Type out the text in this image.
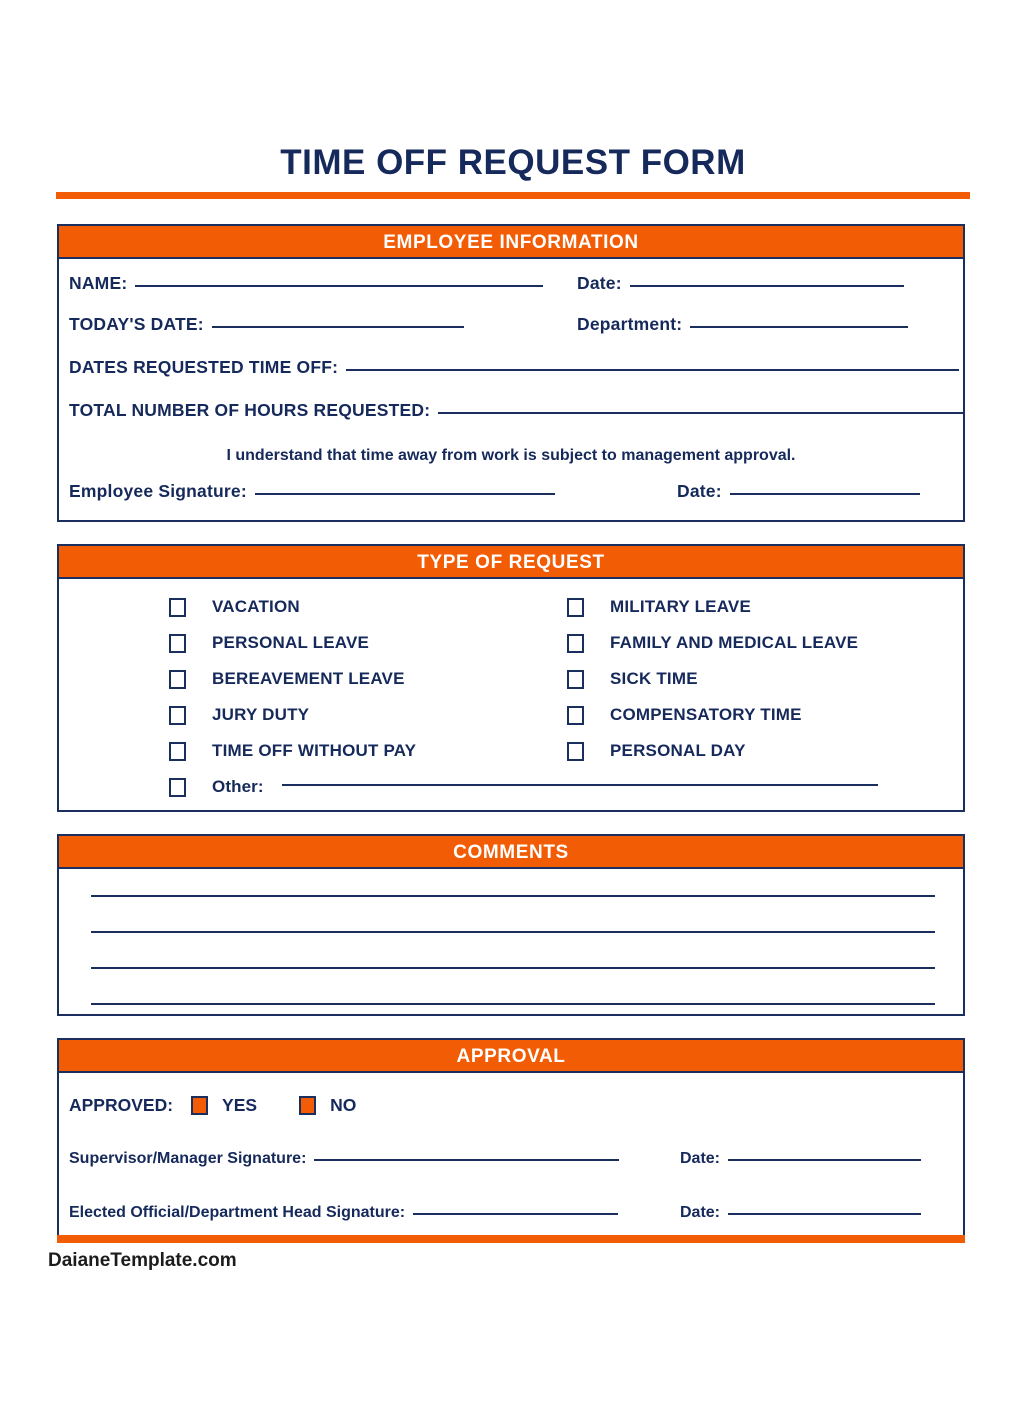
TIME OFF REQUEST FORM
EMPLOYEE INFORMATION
NAME:	Date:
TODAY'S DATE:	Department:
DATES REQUESTED TIME OFF:
TOTAL NUMBER OF HOURS REQUESTED:
I understand that time away from work is subject to management approval.
Employee Signature:	Date:
TYPE OF REQUEST
VACATION
PERSONAL LEAVE
BEREAVEMENT LEAVE
JURY DUTY
TIME OFF WITHOUT PAY
MILITARY LEAVE
FAMILY AND MEDICAL LEAVE
SICK TIME
COMPENSATORY TIME
PERSONAL DAY
Other:
COMMENTS
APPROVAL
APPROVED:	YES	NO
Supervisor/Manager Signature:	Date:
Elected Official/Department Head Signature:	Date:
DaianeTemplate.com
